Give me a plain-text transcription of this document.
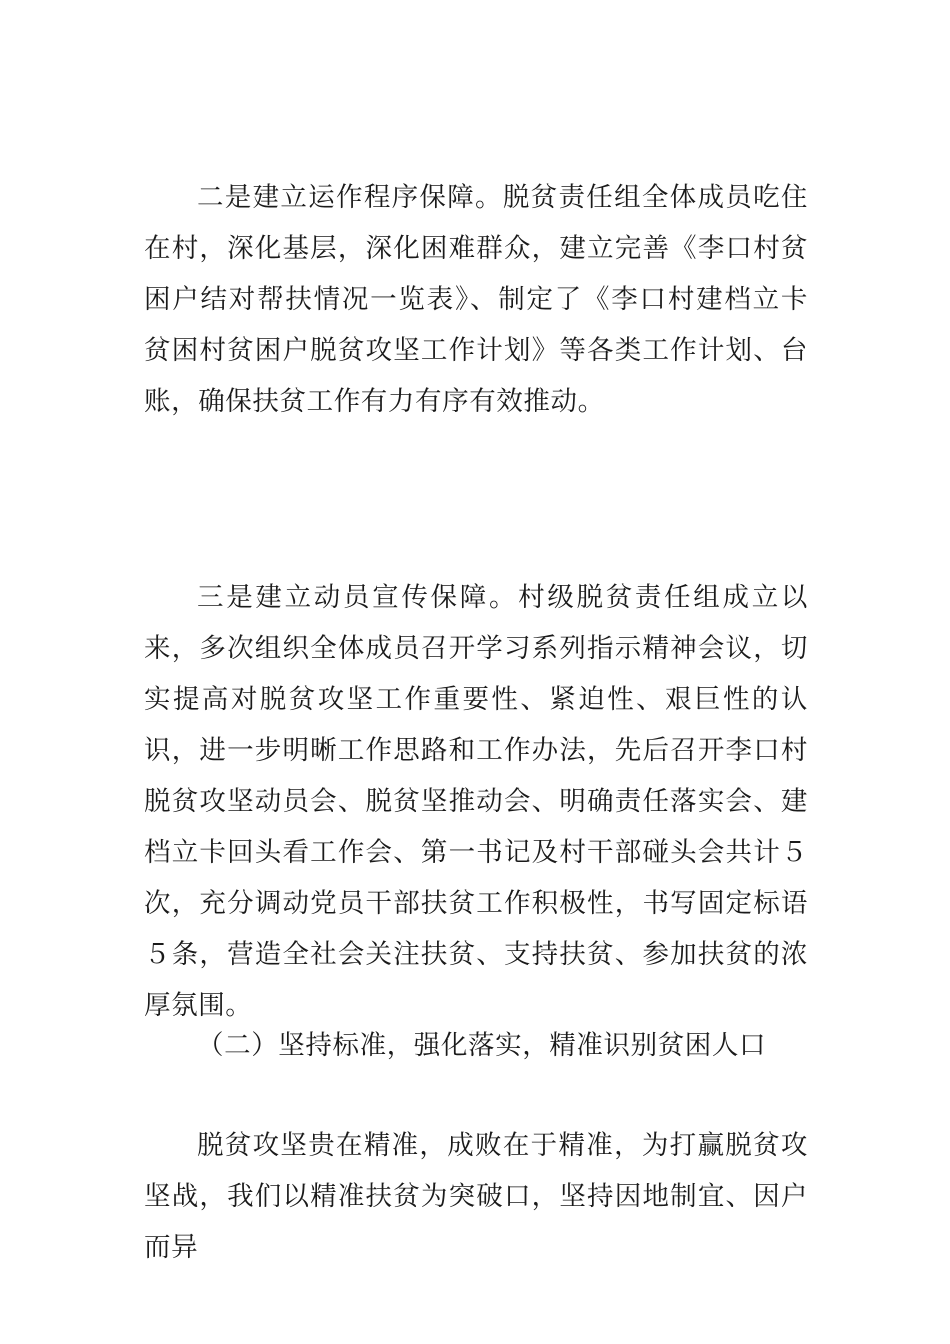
二是建立运作程序保障。脱贫责任组全体成员吃住在村，深化基层，深化困难群众，建立完善《李口村贫困户结对帮扶情况一览表》、制定了《李口村建档立卡贫困村贫困户脱贫攻坚工作计划》等各类工作计划、台账，确保扶贫工作有力有序有效推动。

三是建立动员宣传保障。村级脱贫责任组成立以来，多次组织全体成员召开学习系列指示精神会议，切实提高对脱贫攻坚工作重要性、紧迫性、艰巨性的认识，进一步明晰工作思路和工作办法，先后召开李口村脱贫攻坚动员会、脱贫坚推动会、明确责任落实会、建档立卡回头看工作会、第一书记及村干部碰头会共计５次，充分调动党员干部扶贫工作积极性，书写固定标语５条，营造全社会关注扶贫、支持扶贫、参加扶贫的浓厚氛围。

（二）坚持标准，强化落实，精准识别贫困人口

脱贫攻坚贵在精准，成败在于精准，为打赢脱贫攻坚战，我们以精准扶贫为突破口，坚持因地制宜、因户而异
